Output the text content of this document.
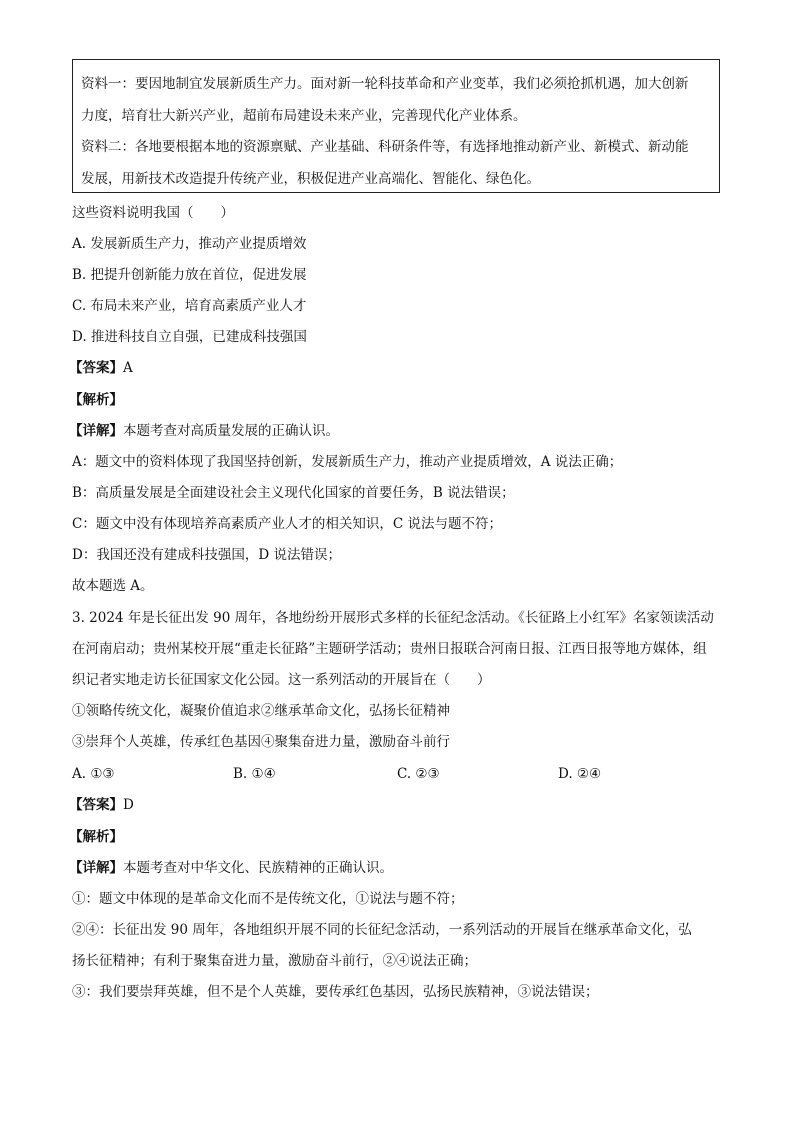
资料一：要因地制宜发展新质生产力。面对新一轮科技革命和产业变革，我们必须抢抓机遇，加大创新
力度，培育壮大新兴产业，超前布局建设未来产业，完善现代化产业体系。
资料二：各地要根据本地的资源禀赋、产业基础、科研条件等，有选择地推动新产业、新模式、新动能
发展，用新技术改造提升传统产业，积极促进产业高端化、智能化、绿色化。
这些资料说明我国（　　）
A. 发展新质生产力，推动产业提质增效
B. 把提升创新能力放在首位，促进发展
C. 布局未来产业，培育高素质产业人才
D. 推进科技自立自强，已建成科技强国
【答案】A
【解析】
【详解】本题考查对高质量发展的正确认识。
A：题文中的资料体现了我国坚持创新，发展新质生产力，推动产业提质增效，A 说法正确；
B：高质量发展是全面建设社会主义现代化国家的首要任务，B 说法错误；
C：题文中没有体现培养高素质产业人才的相关知识，C 说法与题不符；
D：我国还没有建成科技强国，D 说法错误；
故本题选 A。
3. 2024 年是长征出发 90 周年，各地纷纷开展形式多样的长征纪念活动。《长征路上小红军》名家领读活动
在河南启动；贵州某校开展“重走长征路”主题研学活动；贵州日报联合河南日报、江西日报等地方媒体，组
织记者实地走访长征国家文化公园。这一系列活动的开展旨在（　　）
①领略传统文化，凝聚价值追求②继承革命文化，弘扬长征精神
③崇拜个人英雄，传承红色基因④聚集奋进力量，激励奋斗前行
A. ①③	B. ①④	C. ②③	D. ②④
【答案】D
【解析】
【详解】本题考查对中华文化、民族精神的正确认识。
①：题文中体现的是革命文化而不是传统文化，①说法与题不符；
②④：长征出发 90 周年，各地组织开展不同的长征纪念活动，一系列活动的开展旨在继承革命文化，弘
扬长征精神；有利于聚集奋进力量，激励奋斗前行，②④说法正确；
③：我们要崇拜英雄，但不是个人英雄，要传承红色基因，弘扬民族精神，③说法错误；
